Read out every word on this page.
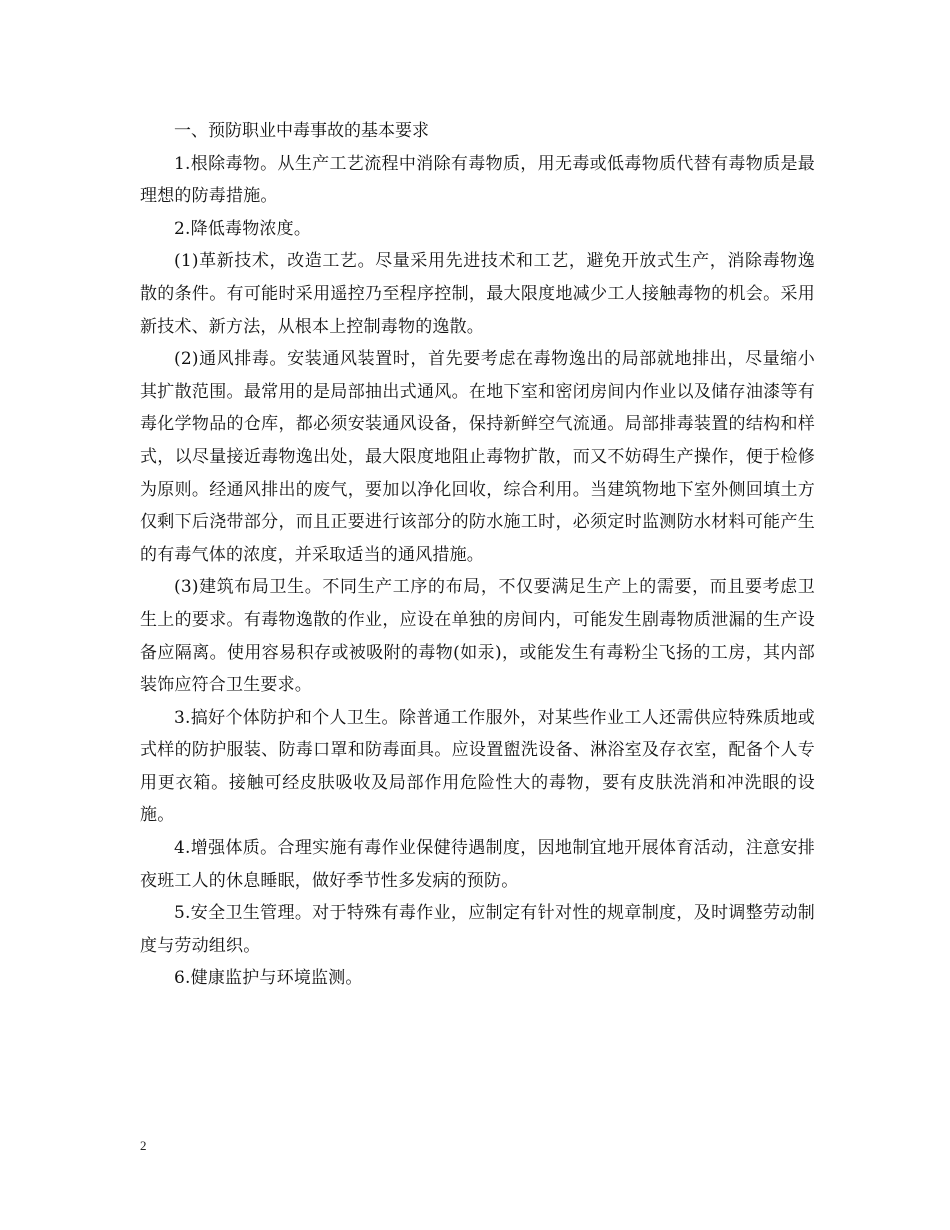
一、预防职业中毒事故的基本要求

1.根除毒物。从生产工艺流程中消除有毒物质，用无毒或低毒物质代替有毒物质是最理想的防毒措施。

2.降低毒物浓度。

(1)革新技术，改造工艺。尽量采用先进技术和工艺，避免开放式生产，消除毒物逸散的条件。有可能时采用遥控乃至程序控制，最大限度地减少工人接触毒物的机会。采用新技术、新方法，从根本上控制毒物的逸散。

(2)通风排毒。安装通风装置时，首先要考虑在毒物逸出的局部就地排出，尽量缩小其扩散范围。最常用的是局部抽出式通风。在地下室和密闭房间内作业以及储存油漆等有毒化学物品的仓库，都必须安装通风设备，保持新鲜空气流通。局部排毒装置的结构和样式，以尽量接近毒物逸出处，最大限度地阻止毒物扩散，而又不妨碍生产操作，便于检修为原则。经通风排出的废气，要加以净化回收，综合利用。当建筑物地下室外侧回填土方仅剩下后浇带部分，而且正要进行该部分的防水施工时，必须定时监测防水材料可能产生的有毒气体的浓度，并采取适当的通风措施。

(3)建筑布局卫生。不同生产工序的布局，不仅要满足生产上的需要，而且要考虑卫生上的要求。有毒物逸散的作业，应设在单独的房间内，可能发生剧毒物质泄漏的生产设备应隔离。使用容易积存或被吸附的毒物(如汞)，或能发生有毒粉尘飞扬的工房，其内部装饰应符合卫生要求。

3.搞好个体防护和个人卫生。除普通工作服外，对某些作业工人还需供应特殊质地或式样的防护服装、防毒口罩和防毒面具。应设置盥洗设备、淋浴室及存衣室，配备个人专用更衣箱。接触可经皮肤吸收及局部作用危险性大的毒物，要有皮肤洗消和冲洗眼的设施。

4.增强体质。合理实施有毒作业保健待遇制度，因地制宜地开展体育活动，注意安排夜班工人的休息睡眠，做好季节性多发病的预防。

5.安全卫生管理。对于特殊有毒作业，应制定有针对性的规章制度，及时调整劳动制度与劳动组织。

6.健康监护与环境监测。

2
